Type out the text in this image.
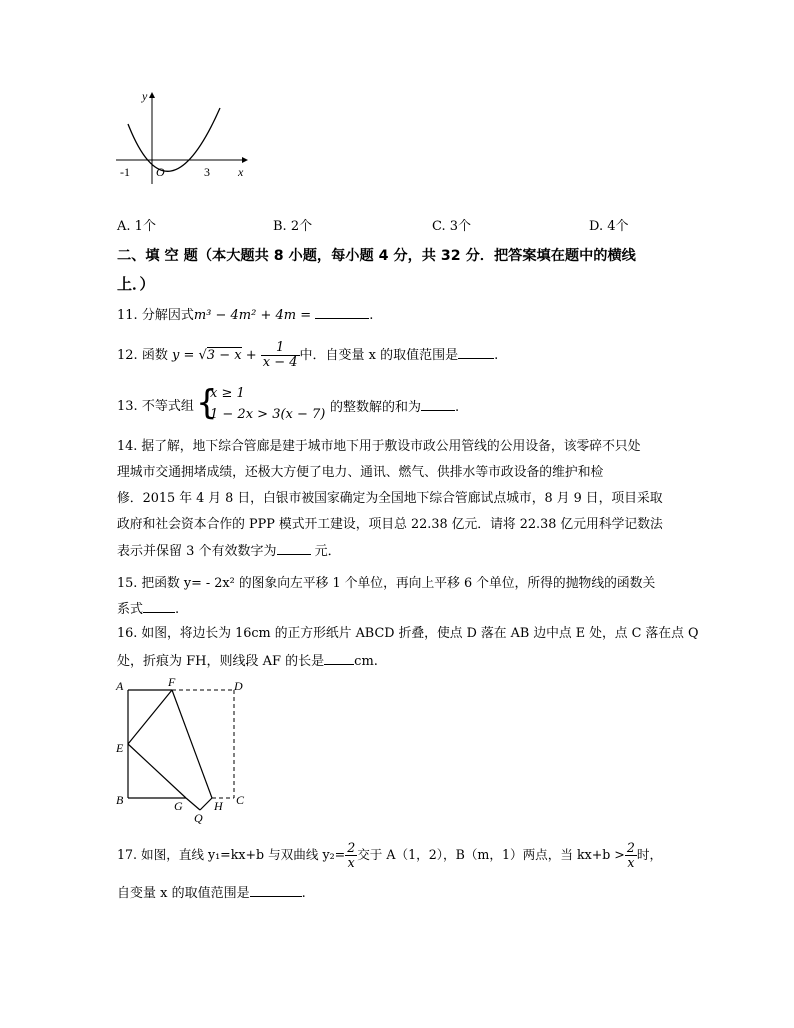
y
x
O
-1	3
A. 1个	B. 2个	C. 3个	D. 4个
二、填 空 题（本大题共 8 小题，每小题 4 分，共 32 分．把答案填在题中的横线
上．）
11. 分解因式m³ − 4m² + 4m =	.
12. 函数 $y = √3 - x + \frac{1}{x - 4}$ 中．自变量 x 的取值范围是	.
13. 不等式组 {
x ≥ 1
1 − 2x > 3(x − 7) 的整数解的和为	.
14. 据了解，地下综合管廊是建于城市地下用于敷设市政公用管线的公用设备，该零碎不只处
理城市交通拥堵成绩，还极大方便了电力、通讯、燃气、供排水等市政设备的维护和检
修．2015 年 4 月 8 日，白银市被国家确定为全国地下综合管廊试点城市，8 月 9 日，项目采取
政府和社会资本合作的 PPP 模式开工建设，项目总 22.38 亿元．请将 22.38 亿元用科学记数法
表示并保留 3 个有效数字为	元．
15. 把函数 y= - 2x² 的图象向左平移 1 个单位，再向上平移 6 个单位，所得的抛物线的函数关
系式 .
16. 如图，将边长为 16cm 的正方形纸片 ABCD 折叠，使点 D 落在 AB 边中点 E 处，点 C 落在点 Q
处，折痕为 FH，则线段 AF 的长是 cm.
A	F	D
E
B	G	H C
Q
17. 如图，直线 y₁=kx+b 与双曲线 $y_2= \frac{2}{x}$ 交于 A（1，2），B（m，1）两点，当 $kx+b > \frac{2}{x}$ 时，
自变量 x 的取值范围是	.
